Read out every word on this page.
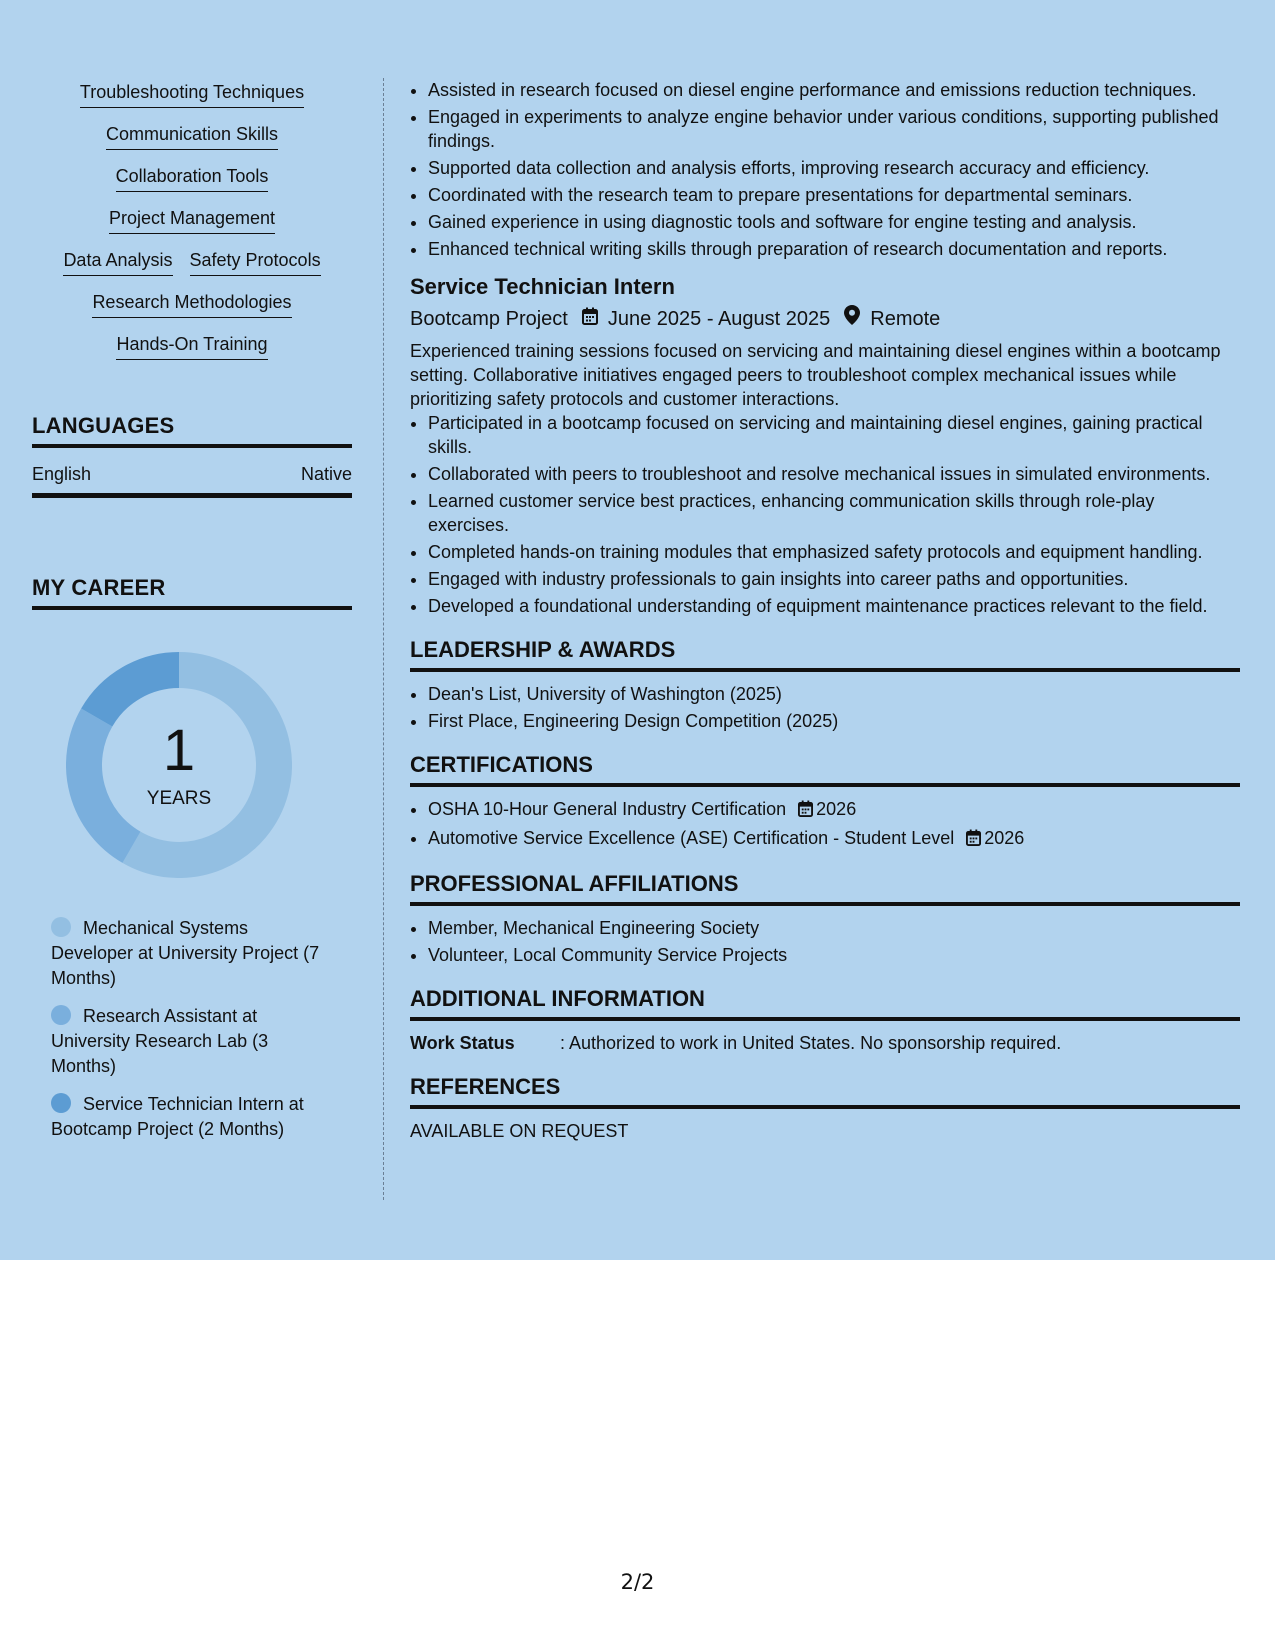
Troubleshooting Techniques
Communication Skills
Collaboration Tools
Project Management
Data Analysis Safety Protocols
Research Methodologies
Hands-On Training
LANGUAGES
English	Native
MY CAREER
1
YEARS
Mechanical Systems Developer at University Project (7 Months)
Research Assistant at University Research Lab (3 Months)
Service Technician Intern at Bootcamp Project (2 Months)
• Assisted in research focused on diesel engine performance and emissions reduction techniques.
• Engaged in experiments to analyze engine behavior under various conditions, supporting published findings.
• Supported data collection and analysis efforts, improving research accuracy and efficiency.
• Coordinated with the research team to prepare presentations for departmental seminars.
• Gained experience in using diagnostic tools and software for engine testing and analysis.
• Enhanced technical writing skills through preparation of research documentation and reports.
Service Technician Intern
Bootcamp Project June 2025 - August 2025 Remote
Experienced training sessions focused on servicing and maintaining diesel engines within a bootcamp setting. Collaborative initiatives engaged peers to troubleshoot complex mechanical issues while prioritizing safety protocols and customer interactions.
• Participated in a bootcamp focused on servicing and maintaining diesel engines, gaining practical skills.
• Collaborated with peers to troubleshoot and resolve mechanical issues in simulated environments.
• Learned customer service best practices, enhancing communication skills through role-play exercises.
• Completed hands-on training modules that emphasized safety protocols and equipment handling.
• Engaged with industry professionals to gain insights into career paths and opportunities.
• Developed a foundational understanding of equipment maintenance practices relevant to the field.
LEADERSHIP & AWARDS
• Dean's List, University of Washington (2025)
• First Place, Engineering Design Competition (2025)
CERTIFICATIONS
• OSHA 10-Hour General Industry Certification 2026
• Automotive Service Excellence (ASE) Certification - Student Level 2026
PROFESSIONAL AFFILIATIONS
• Member, Mechanical Engineering Society
• Volunteer, Local Community Service Projects
ADDITIONAL INFORMATION
Work Status	: Authorized to work in United States. No sponsorship required.
REFERENCES
AVAILABLE ON REQUEST
2/2
